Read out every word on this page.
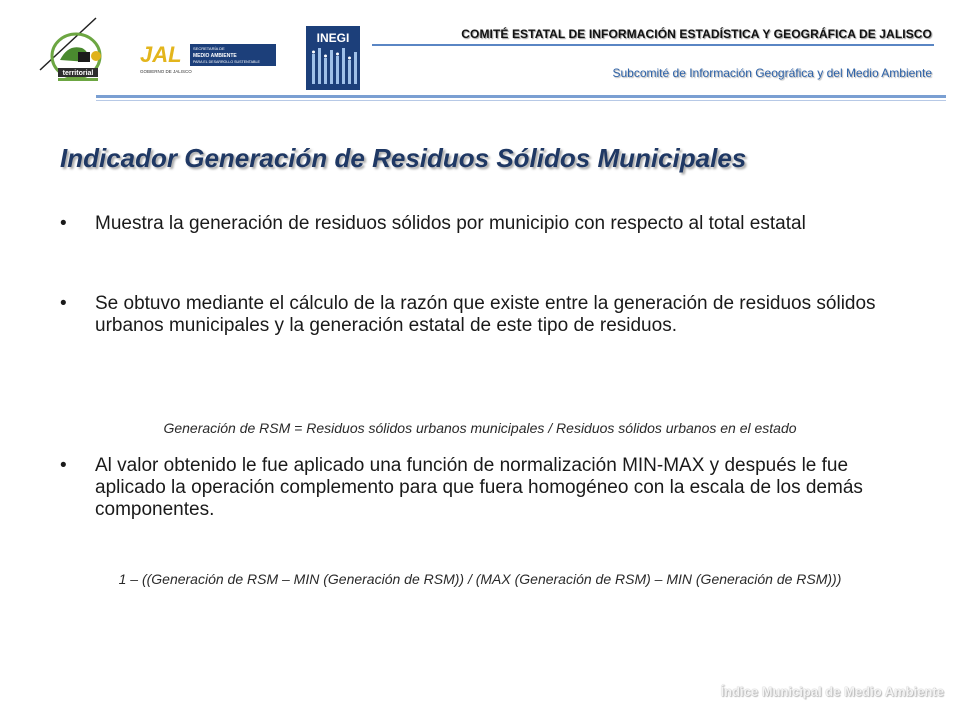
territorial
JAL
GOBIERNO DE JALISCO
SECRETARÍA DE
MEDIO AMBIENTE
PARA EL DESARROLLO SUSTENTABLE
INEGI	COMITÉ ESTATAL DE INFORMACIÓN ESTADÍSTICA Y GEOGRÁFICA DE JALISCO

Subcomité de Información Geográfica y del Medio Ambiente

Indicador Generación de Residuos Sólidos Municipales
•	Muestra la generación de residuos sólidos por municipio con respecto al total estatal
•	Se obtuvo mediante el cálculo de la razón que existe entre la generación de residuos sólidos urbanos municipales y la generación estatal de este tipo de residuos.

Generación de RSM = Residuos sólidos urbanos municipales / Residuos sólidos urbanos en el estado

•	Al valor obtenido le fue aplicado una función de normalización MIN-MAX y después le fue aplicado la operación complemento para que fuera homogéneo con la escala de los demás componentes.

1 – ((Generación de RSM – MIN (Generación de RSM)) / (MAX (Generación de RSM) – MIN (Generación de RSM)))

Índice Municipal de Medio Ambiente
